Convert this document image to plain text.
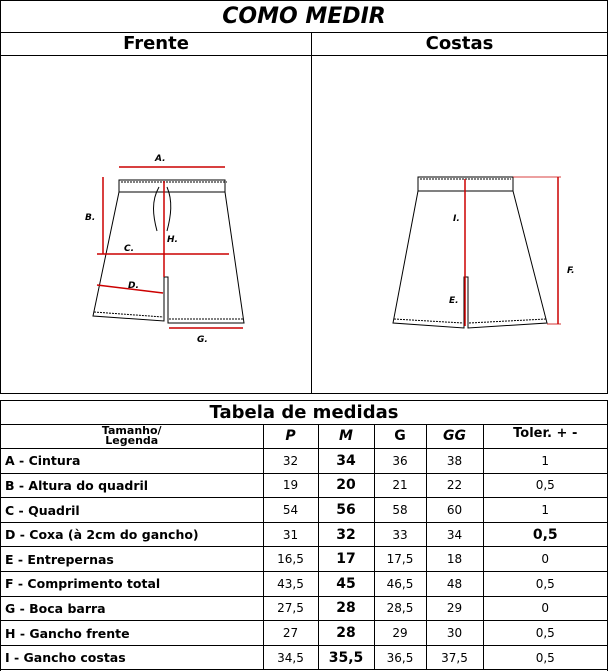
COMO MEDIR
Frente	Costas
A.
B.
C.
D.
G.
H.
I.
E.
F.
Tabela de medidas
Tamanho/
Legenda	P	M	G	GG	Toler. + -
A - Cintura	32	34	36	38	1
B - Altura do quadril	19	20	21	22	0,5
C - Quadril	54	56	58	60	1
D - Coxa (à 2cm do gancho)	31	32	33	34	0,5
E - Entrepernas	16,5	17	17,5	18	0
F - Comprimento total	43,5	45	46,5	48	0,5
G - Boca barra	27,5	28	28,5	29	0
H - Gancho frente	27	28	29	30	0,5
I - Gancho costas	34,5	35,5	36,5	37,5	0,5
